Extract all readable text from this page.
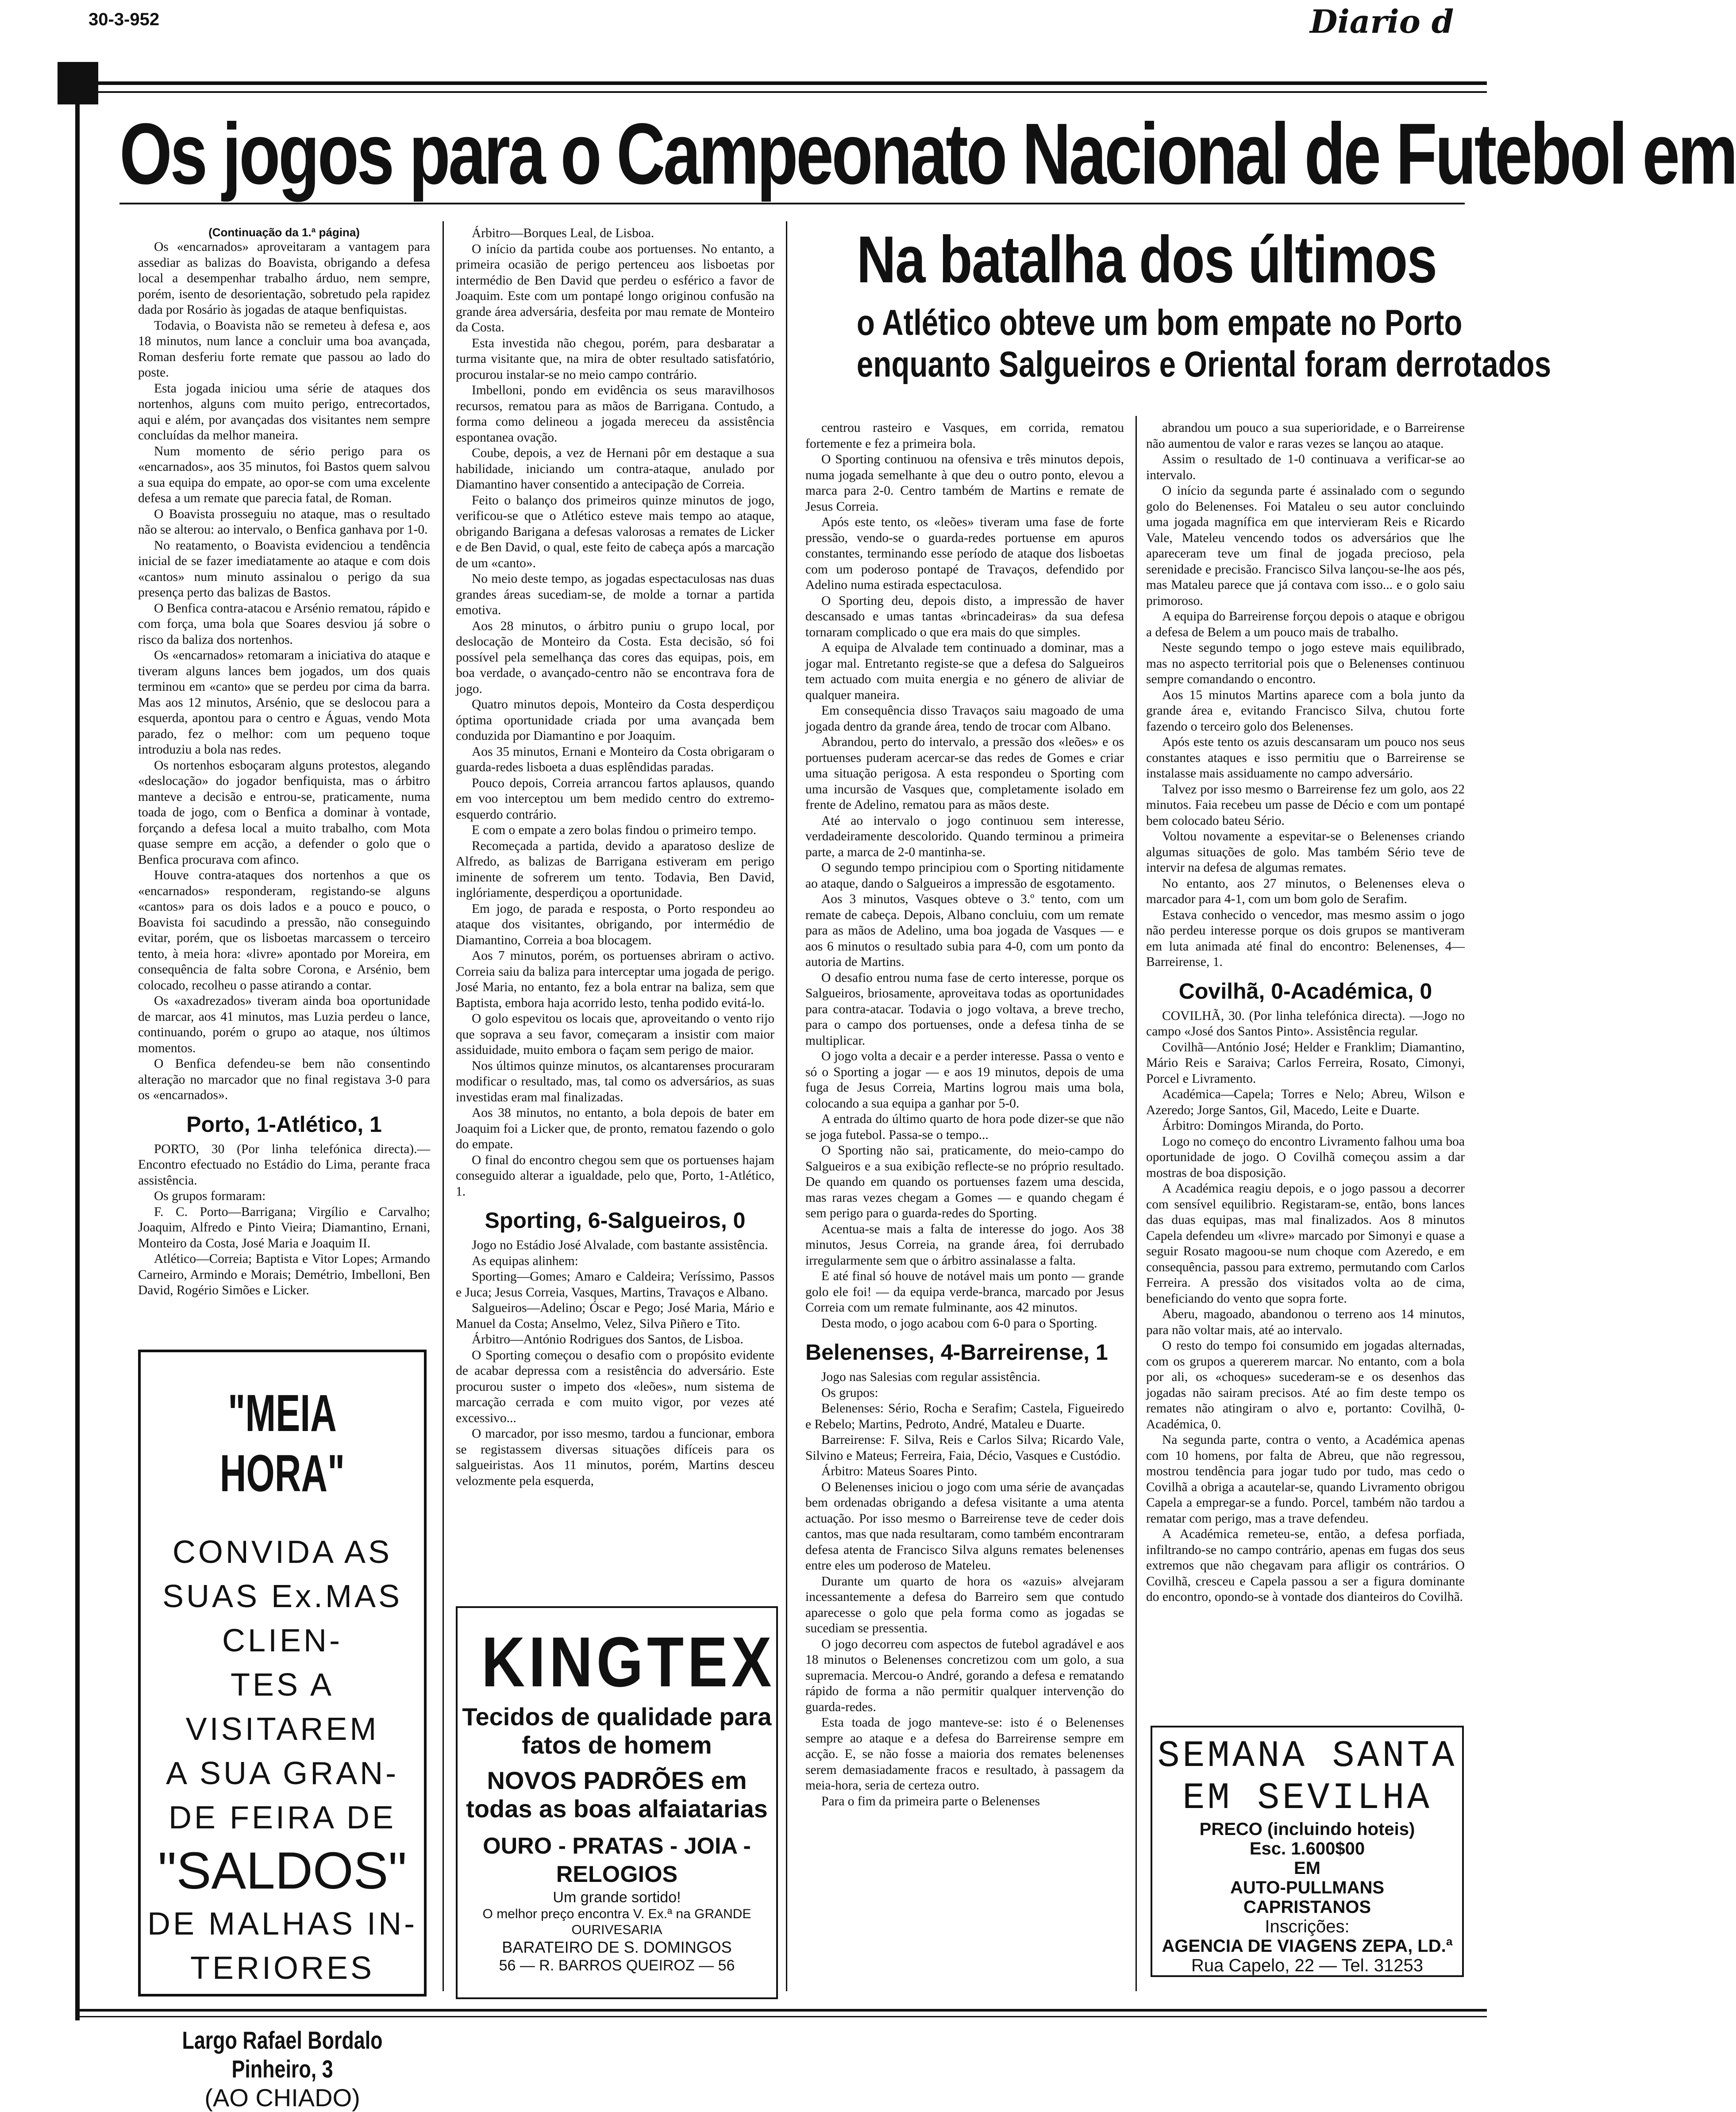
30-3-952	Diario d
Os jogos para o Campeonato Nacional de Futebol em
(Continuação da 1.ª página)

Os «encarnados» aproveitaram a vantagem para assediar as balizas do Boavista, obrigando a defesa local a desempenhar trabalho árduo, nem sempre, porém, isento de desorientação, sobretudo pela rapidez dada por Rosário às jogadas de ataque benfiquistas.

Todavia, o Boavista não se remeteu à defesa e, aos 18 minutos, num lance a concluir uma boa avançada, Roman desferiu forte remate que passou ao lado do poste.

Esta jogada iniciou uma série de ataques dos nortenhos, alguns com muito perigo, entrecortados, aqui e além, por avançadas dos visitantes nem sempre concluídas da melhor maneira.

Num momento de sério perigo para os «encarnados», aos 35 minutos, foi Bastos quem salvou a sua equipa do empate, ao opor-se com uma excelente defesa a um remate que parecia fatal, de Roman.

O Boavista prosseguiu no ataque, mas o resultado não se alterou: ao intervalo, o Benfica ganhava por 1-0.

No reatamento, o Boavista evidenciou a tendência inicial de se fazer imediatamente ao ataque e com dois «cantos» num minuto assinalou o perigo da sua presença perto das balizas de Bastos.

O Benfica contra-atacou e Arsénio rematou, rápido e com força, uma bola que Soares desviou já sobre o risco da baliza dos nortenhos.

Os «encarnados» retomaram a iniciativa do ataque e tiveram alguns lances bem jogados, um dos quais terminou em «canto» que se perdeu por cima da barra. Mas aos 12 minutos, Arsénio, que se deslocou para a esquerda, apontou para o centro e Águas, vendo Mota parado, fez o melhor: com um pequeno toque introduziu a bola nas redes.

Os nortenhos esboçaram alguns protestos, alegando «deslocação» do jogador benfiquista, mas o árbitro manteve a decisão e entrou-se, praticamente, numa toada de jogo, com o Benfica a dominar à vontade, forçando a defesa local a muito trabalho, com Mota quase sempre em acção, a defender o golo que o Benfica procurava com afinco.

Houve contra-ataques dos nortenhos a que os «encarnados» responderam, registando-se alguns «cantos» para os dois lados e a pouco e pouco, o Boavista foi sacudindo a pressão, não conseguindo evitar, porém, que os lisboetas marcassem o terceiro tento, à meia hora: «livre» apontado por Moreira, em consequência de falta sobre Corona, e Arsénio, bem colocado, recolheu o passe atirando a contar.

Os «axadrezados» tiveram ainda boa oportunidade de marcar, aos 41 minutos, mas Luzia perdeu o lance, continuando, porém o grupo ao ataque, nos últimos momentos.

O Benfica defendeu-se bem não consentindo alteração no marcador que no final registava 3-0 para os «encarnados».

Porto, 1-Atlético, 1

PORTO, 30 (Por linha telefónica directa).— Encontro efectuado no Estádio do Lima, perante fraca assistência.

Os grupos formaram:

F. C. Porto—Barrigana; Virgílio e Carvalho; Joaquim, Alfredo e Pinto Vieira; Diamantino, Ernani, Monteiro da Costa, José Maria e Joaquim II.

Atlético—Correia; Baptista e Vitor Lopes; Armando Carneiro, Armindo e Morais; Demétrio, Imbelloni, Ben David, Rogério Simões e Licker.

"MEIA HORA"
CONVIDA AS
SUAS Ex.MAS CLIEN-
TES A VISITAREM
A SUA GRAN-
DE FEIRA DE
"SALDOS"
DE MALHAS IN-
TERIORES
Largo Rafael Bordalo Pinheiro, 3
(AO CHIADO)

Árbitro—Borques Leal, de Lisboa.

O início da partida coube aos portuenses. No entanto, a primeira ocasião de perigo pertenceu aos lisboetas por intermédio de Ben David que perdeu o esférico a favor de Joaquim. Este com um pontapé longo originou confusão na grande área adversária, desfeita por mau remate de Monteiro da Costa.

Esta investida não chegou, porém, para desbaratar a turma visitante que, na mira de obter resultado satisfatório, procurou instalar-se no meio campo contrário.

Imbelloni, pondo em evidência os seus maravilhosos recursos, rematou para as mãos de Barrigana. Contudo, a forma como delineou a jogada mereceu da assistência espontanea ovação.

Coube, depois, a vez de Hernani pôr em destaque a sua habilidade, iniciando um contra-ataque, anulado por Diamantino haver consentido a antecipação de Correia.

Feito o balanço dos primeiros quinze minutos de jogo, verificou-se que o Atlético esteve mais tempo ao ataque, obrigando Barigana a defesas valorosas a remates de Licker e de Ben David, o qual, este feito de cabeça após a marcação de um «canto».

No meio deste tempo, as jogadas espectaculosas nas duas grandes áreas sucediam-se, de molde a tornar a partida emotiva.

Aos 28 minutos, o árbitro puniu o grupo local, por deslocação de Monteiro da Costa. Esta decisão, só foi possível pela semelhança das cores das equipas, pois, em boa verdade, o avançado-centro não se encontrava fora de jogo.

Quatro minutos depois, Monteiro da Costa desperdiçou óptima oportunidade criada por uma avançada bem conduzida por Diamantino e por Joaquim.

Aos 35 minutos, Ernani e Monteiro da Costa obrigaram o guarda-redes lisboeta a duas esplêndidas paradas.

Pouco depois, Correia arrancou fartos aplausos, quando em voo interceptou um bem medido centro do extremo-esquerdo contrário.

E com o empate a zero bolas findou o primeiro tempo.

Recomeçada a partida, devido a aparatoso deslize de Alfredo, as balizas de Barrigana estiveram em perigo iminente de sofrerem um tento. Todavia, Ben David, inglóriamente, desperdiçou a oportunidade.

Em jogo, de parada e resposta, o Porto respondeu ao ataque dos visitantes, obrigando, por intermédio de Diamantino, Correia a boa blocagem.

Aos 7 minutos, porém, os portuenses abriram o activo. Correia saiu da baliza para interceptar uma jogada de perigo. José Maria, no entanto, fez a bola entrar na baliza, sem que Baptista, embora haja acorrido lesto, tenha podido evitá-lo.

O golo espevitou os locais que, aproveitando o vento rijo que soprava a seu favor, começaram a insistir com maior assiduidade, muito embora o façam sem perigo de maior.

Nos últimos quinze minutos, os alcantarenses procuraram modificar o resultado, mas, tal como os adversários, as suas investidas eram mal finalizadas.

Aos 38 minutos, no entanto, a bola depois de bater em Joaquim foi a Licker que, de pronto, rematou fazendo o golo do empate.

O final do encontro chegou sem que os portuenses hajam conseguido alterar a igualdade, pelo que, Porto, 1-Atlético, 1.

Sporting, 6-Salgueiros, 0

Jogo no Estádio José Alvalade, com bastante assistência.

As equipas alinhem:

Sporting—Gomes; Amaro e Caldeira; Veríssimo, Passos e Juca; Jesus Correia, Vasques, Martins, Travaços e Albano.

Salgueiros—Adelino; Óscar e Pego; José Maria, Mário e Manuel da Costa; Anselmo, Velez, Silva Piñero e Tito.

Árbitro—António Rodrigues dos Santos, de Lisboa.

O Sporting começou o desafio com o propósito evidente de acabar depressa com a resistência do adversário. Este procurou suster o impeto dos «leões», num sistema de marcação cerrada e com muito vigor, por vezes até excessivo...

O marcador, por isso mesmo, tardou a funcionar, embora se registassem diversas situações difíceis para os salgueiristas. Aos 11 minutos, porém, Martins desceu velozmente pela esquerda,

KINGTEX
Tecidos de qualidade para fatos de homem
NOVOS PADRÕES em todas as boas alfaiatarias
OURO - PRATAS - JOIA - RELOGIOS
Um grande sortido!
O melhor preço encontra V. Ex.ª na GRANDE OURIVESARIA
BARATEIRO DE S. DOMINGOS
56 — R. BARROS QUEIROZ — 56
Na batalha dos últimos
o Atlético obteve um bom empate no Porto
enquanto Salgueiros e Oriental foram derrotados

centrou rasteiro e Vasques, em corrida, rematou fortemente e fez a primeira bola.

O Sporting continuou na ofensiva e três minutos depois, numa jogada semelhante à que deu o outro ponto, elevou a marca para 2-0. Centro também de Martins e remate de Jesus Correia.

Após este tento, os «leões» tiveram uma fase de forte pressão, vendo-se o guarda-redes portuense em apuros constantes, terminando esse período de ataque dos lisboetas com um poderoso pontapé de Travaços, defendido por Adelino numa estirada espectaculosa.

O Sporting deu, depois disto, a impressão de haver descansado e umas tantas «brincadeiras» da sua defesa tornaram complicado o que era mais do que simples.

A equipa de Alvalade tem continuado a dominar, mas a jogar mal. Entretanto registe-se que a defesa do Salgueiros tem actuado com muita energia e no género de aliviar de qualquer maneira.

Em consequência disso Travaços saiu magoado de uma jogada dentro da grande área, tendo de trocar com Albano.

Abrandou, perto do intervalo, a pressão dos «leões» e os portuenses puderam acercar-se das redes de Gomes e criar uma situação perigosa. A esta respondeu o Sporting com uma incursão de Vasques que, completamente isolado em frente de Adelino, rematou para as mãos deste.

Até ao intervalo o jogo continuou sem interesse, verdadeiramente descolorido. Quando terminou a primeira parte, a marca de 2-0 mantinha-se.

O segundo tempo principiou com o Sporting nitidamente ao ataque, dando o Salgueiros a impressão de esgotamento.

Aos 3 minutos, Vasques obteve o 3.º tento, com um remate de cabeça. Depois, Albano concluiu, com um remate para as mãos de Adelino, uma boa jogada de Vasques — e aos 6 minutos o resultado subia para 4-0, com um ponto da autoria de Martins.

O desafio entrou numa fase de certo interesse, porque os Salgueiros, briosamente, aproveitava todas as oportunidades para contra-atacar. Todavia o jogo voltava, a breve trecho, para o campo dos portuenses, onde a defesa tinha de se multiplicar.

O jogo volta a decair e a perder interesse. Passa o vento e só o Sporting a jogar — e aos 19 minutos, depois de uma fuga de Jesus Correia, Martins logrou mais uma bola, colocando a sua equipa a ganhar por 5-0.

A entrada do último quarto de hora pode dizer-se que não se joga futebol. Passa-se o tempo...

O Sporting não sai, praticamente, do meio-campo do Salgueiros e a sua exibição reflecte-se no próprio resultado. De quando em quando os portuenses fazem uma descida, mas raras vezes chegam a Gomes — e quando chegam é sem perigo para o guarda-redes do Sporting.

Acentua-se mais a falta de interesse do jogo. Aos 38 minutos, Jesus Correia, na grande área, foi derrubado irregularmente sem que o árbitro assinalasse a falta.

E até final só houve de notável mais um ponto — grande golo ele foi! — da equipa verde-branca, marcado por Jesus Correia com um remate fulminante, aos 42 minutos.

Desta modo, o jogo acabou com 6-0 para o Sporting.

Belenenses, 4-Barreirense, 1

Jogo nas Salesias com regular assistência.

Os grupos:

Belenenses: Sério, Rocha e Serafim; Castela, Figueiredo e Rebelo; Martins, Pedroto, André, Mataleu e Duarte.

Barreirense: F. Silva, Reis e Carlos Silva; Ricardo Vale, Silvino e Mateus; Ferreira, Faia, Décio, Vasques e Custódio.

Árbitro: Mateus Soares Pinto.

O Belenenses iniciou o jogo com uma série de avançadas bem ordenadas obrigando a defesa visitante a uma atenta actuação. Por isso mesmo o Barreirense teve de ceder dois cantos, mas que nada resultaram, como também encontraram defesa atenta de Francisco Silva alguns remates belenenses entre eles um poderoso de Mateleu.

Durante um quarto de hora os «azuis» alvejaram incessantemente a defesa do Barreiro sem que contudo aparecesse o golo que pela forma como as jogadas se sucediam se pressentia.

O jogo decorreu com aspectos de futebol agradável e aos 18 minutos o Belenenses concretizou com um golo, a sua supremacia. Mercou-o André, gorando a defesa e rematando rápido de forma a não permitir qualquer intervenção do guarda-redes.

Esta toada de jogo manteve-se: isto é o Belenenses sempre ao ataque e a defesa do Barreirense sempre em acção. E, se não fosse a maioria dos remates belenenses serem demasiadamente fracos e resultado, à passagem da meia-hora, seria de certeza outro.

Para o fim da primeira parte o Belenenses

abrandou um pouco a sua superioridade, e o Barreirense não aumentou de valor e raras vezes se lançou ao ataque.

Assim o resultado de 1-0 continuava a verificar-se ao intervalo.

O início da segunda parte é assinalado com o segundo golo do Belenenses. Foi Mataleu o seu autor concluindo uma jogada magnífica em que intervieram Reis e Ricardo Vale, Mateleu vencendo todos os adversários que lhe apareceram teve um final de jogada precioso, pela serenidade e precisão. Francisco Silva lançou-se-lhe aos pés, mas Mataleu parece que já contava com isso... e o golo saiu primoroso.

A equipa do Barreirense forçou depois o ataque e obrigou a defesa de Belem a um pouco mais de trabalho.

Neste segundo tempo o jogo esteve mais equilibrado, mas no aspecto territorial pois que o Belenenses continuou sempre comandando o encontro.

Aos 15 minutos Martins aparece com a bola junto da grande área e, evitando Francisco Silva, chutou forte fazendo o terceiro golo dos Belenenses.

Após este tento os azuis descansaram um pouco nos seus constantes ataques e isso permitiu que o Barreirense se instalasse mais assiduamente no campo adversário.

Talvez por isso mesmo o Barreirense fez um golo, aos 22 minutos. Faia recebeu um passe de Décio e com um pontapé bem colocado bateu Sério.

Voltou novamente a espevitar-se o Belenenses criando algumas situações de golo. Mas também Sério teve de intervir na defesa de algumas remates.

No entanto, aos 27 minutos, o Belenenses eleva o marcador para 4-1, com um bom golo de Serafim.

Estava conhecido o vencedor, mas mesmo assim o jogo não perdeu interesse porque os dois grupos se mantiveram em luta animada até final do encontro: Belenenses, 4—Barreirense, 1.

Covilhã, 0-Académica, 0

COVILHÃ, 30. (Por linha telefónica directa). —Jogo no campo «José dos Santos Pinto». Assistência regular.

Covilhã—António José; Helder e Franklim; Diamantino, Mário Reis e Saraiva; Carlos Ferreira, Rosato, Cimonyi, Porcel e Livramento.

Académica—Capela; Torres e Nelo; Abreu, Wilson e Azeredo; Jorge Santos, Gil, Macedo, Leite e Duarte.

Árbitro: Domingos Miranda, do Porto.

Logo no começo do encontro Livramento falhou uma boa oportunidade de jogo. O Covilhã começou assim a dar mostras de boa disposição.

A Académica reagiu depois, e o jogo passou a decorrer com sensível equilibrio. Registaram-se, então, bons lances das duas equipas, mas mal finalizados. Aos 8 minutos Capela defendeu um «livre» marcado por Simonyi e quase a seguir Rosato magoou-se num choque com Azeredo, e em consequência, passou para extremo, permutando com Carlos Ferreira. A pressão dos visitados volta ao de cima, beneficiando do vento que sopra forte.

Aberu, magoado, abandonou o terreno aos 14 minutos, para não voltar mais, até ao intervalo.

O resto do tempo foi consumido em jogadas alternadas, com os grupos a quererem marcar. No entanto, com a bola por ali, os «choques» sucederam-se e os desenhos das jogadas não sairam precisos. Até ao fim deste tempo os remates não atingiram o alvo e, portanto: Covilhã, 0-Académica, 0.

Na segunda parte, contra o vento, a Académica apenas com 10 homens, por falta de Abreu, que não regressou, mostrou tendência para jogar tudo por tudo, mas cedo o Covilhã a obriga a acautelar-se, quando Livramento obrigou Capela a empregar-se a fundo. Porcel, também não tardou a rematar com perigo, mas a trave defendeu.

A Académica remeteu-se, então, a defesa porfiada, infiltrando-se no campo contrário, apenas em fugas dos seus extremos que não chegavam para afligir os contrários. O Covilhã, cresceu e Capela passou a ser a figura dominante do encontro, opondo-se à vontade dos dianteiros do Covilhã.

SEMANA SANTA
EM SEVILHA
PRECO (incluindo hoteis)
Esc. 1.600$00
EM
AUTO-PULLMANS
CAPRISTANOS
Inscrições:
AGENCIA DE VIAGENS ZEPA, LD.ª
Rua Capelo, 22 — Tel. 31253
